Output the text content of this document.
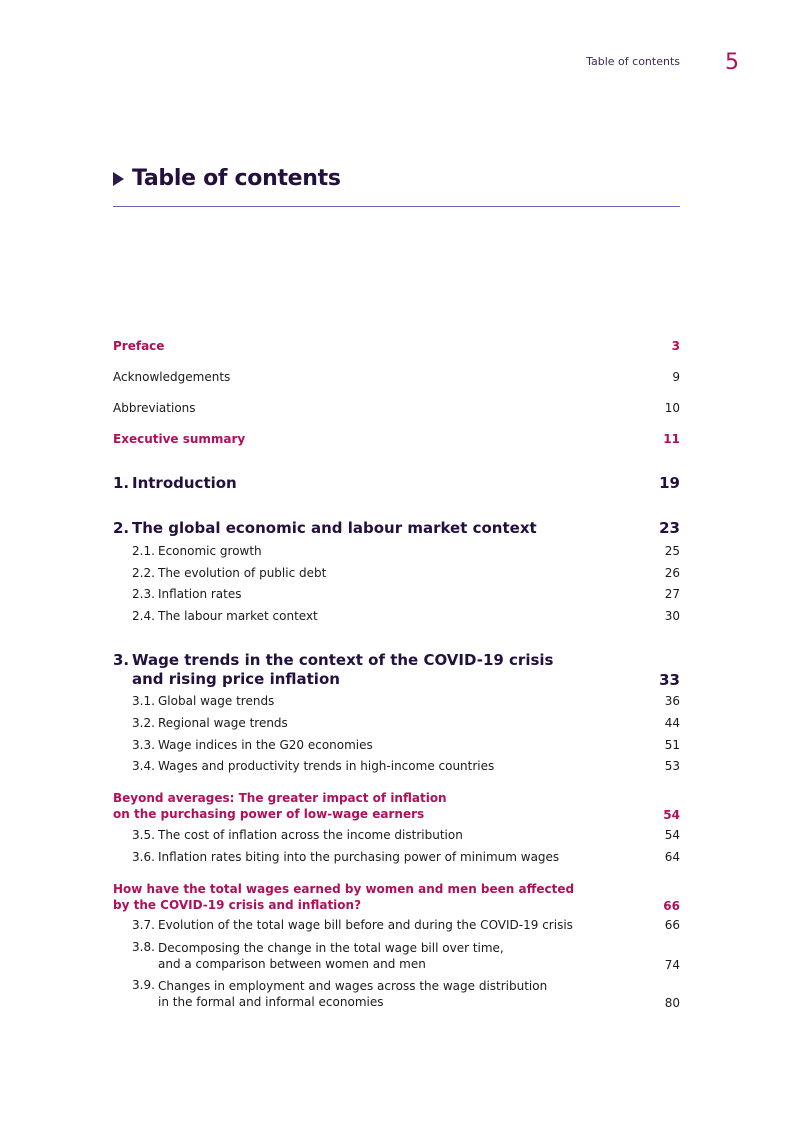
Table of contents 5
Table of contents
Preface	3
Acknowledgements	9
Abbreviations	10
Executive summary	11
1. Introduction	19
2. The global economic and labour market context	23
2.1. Economic growth	25
2.2. The evolution of public debt	26
2.3. Inflation rates	27
2.4. The labour market context	30
3. Wage trends in the context of the COVID-19 crisis
and rising price inflation	33
3.1. Global wage trends	36
3.2. Regional wage trends	44
3.3. Wage indices in the G20 economies	51
3.4. Wages and productivity trends in high-income countries	53
Beyond averages: The greater impact of inflation
on the purchasing power of low-wage earners	54
3.5. The cost of inflation across the income distribution	54
3.6. Inflation rates biting into the purchasing power of minimum wages	64
How have the total wages earned by women and men been affected
by the COVID-19 crisis and inflation?	66
3.7. Evolution of the total wage bill before and during the COVID-19 crisis	66
3.8. Decomposing the change in the total wage bill over time,
and a comparison between women and men	74
3.9. Changes in employment and wages across the wage distribution
in the formal and informal economies	80
